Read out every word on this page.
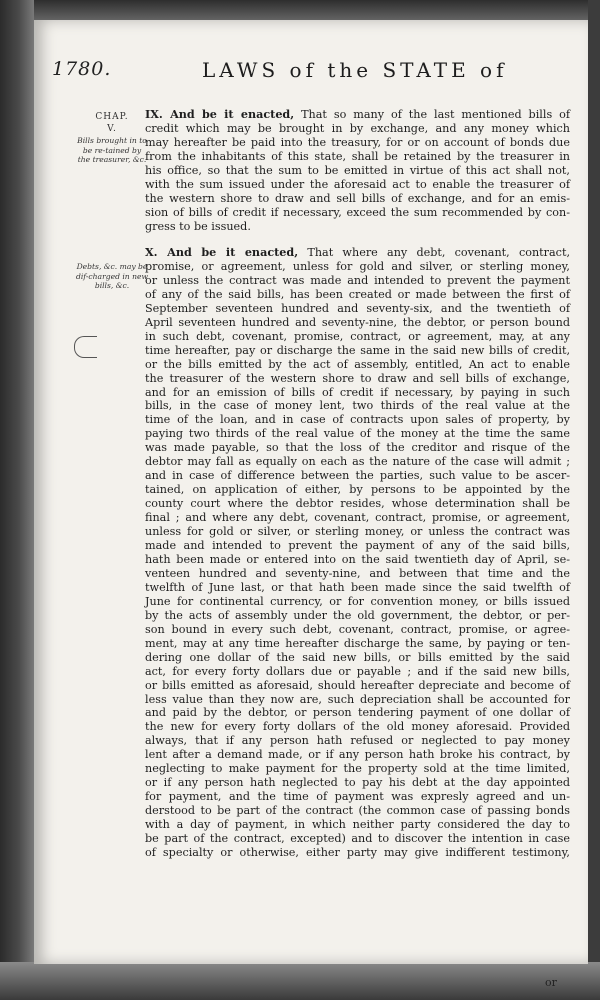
1780.	LAWS of the STATE of
CHAP.
V.
Bills brought in to be re-tained by the treasurer, &c.
Debts, &c. may be dif-charged in new bills, &c.
IX. And be it enacted, That so many of the last mentioned bills of
credit which may be brought in by exchange, and any money which
may hereafter be paid into the treasury, for or on account of bonds due
from the inhabitants of this state, shall be retained by the treasurer in
his office, so that the sum to be emitted in virtue of this act shall not,
with the sum issued under the aforesaid act to enable the treasurer of
the western shore to draw and sell bills of exchange, and for an emis-
sion of bills of credit if necessary, exceed the sum recommended by con-
gress to be issued.
X. And be it enacted, That where any debt, covenant, contract,
promise, or agreement, unless for gold and silver, or sterling money,
or unless the contract was made and intended to prevent the payment
of any of the said bills, has been created or made between the first of
September seventeen hundred and seventy-six, and the twentieth of
April seventeen hundred and seventy-nine, the debtor, or person bound
in such debt, covenant, promise, contract, or agreement, may, at any
time hereafter, pay or discharge the same in the said new bills of credit,
or the bills emitted by the act of assembly, entitled, An act to enable
the treasurer of the western shore to draw and sell bills of exchange,
and for an emission of bills of credit if necessary, by paying in such
bills, in the case of money lent, two thirds of the real value at the
time of the loan, and in case of contracts upon sales of property, by
paying two thirds of the real value of the money at the time the same
was made payable, so that the loss of the creditor and risque of the
debtor may fall as equally on each as the nature of the case will admit ;
and in case of difference between the parties, such value to be ascer-
tained, on application of either, by persons to be appointed by the
county court where the debtor resides, whose determination shall be
final ; and where any debt, covenant, contract, promise, or agreement,
unless for gold or silver, or sterling money, or unless the contract was
made and intended to prevent the payment of any of the said bills,
hath been made or entered into on the said twentieth day of April, se-
venteen hundred and seventy-nine, and between that time and the
twelfth of June last, or that hath been made since the said twelfth of
June for continental currency, or for convention money, or bills issued
by the acts of assembly under the old government, the debtor, or per-
son bound in every such debt, covenant, contract, promise, or agree-
ment, may at any time hereafter discharge the same, by paying or ten-
dering one dollar of the said new bills, or bills emitted by the said
act, for every forty dollars due or payable ; and if the said new bills,
or bills emitted as aforesaid, should hereafter depreciate and become of
less value than they now are, such depreciation shall be accounted for
and paid by the debtor, or person tendering payment of one dollar of
the new for every forty dollars of the old money aforesaid. Provided
always, that if any person hath refused or neglected to pay money
lent after a demand made, or if any person hath broke his contract, by
neglecting to make payment for the property sold at the time limited,
or if any person hath neglected to pay his debt at the day appointed
for payment, and the time of payment was expresly agreed and un-
derstood to be part of the contract (the common case of passing bonds
with a day of payment, in which neither party considered the day to
be part of the contract, excepted) and to discover the intention in case
of specialty or otherwise, either party may give indifferent testimony,
or
